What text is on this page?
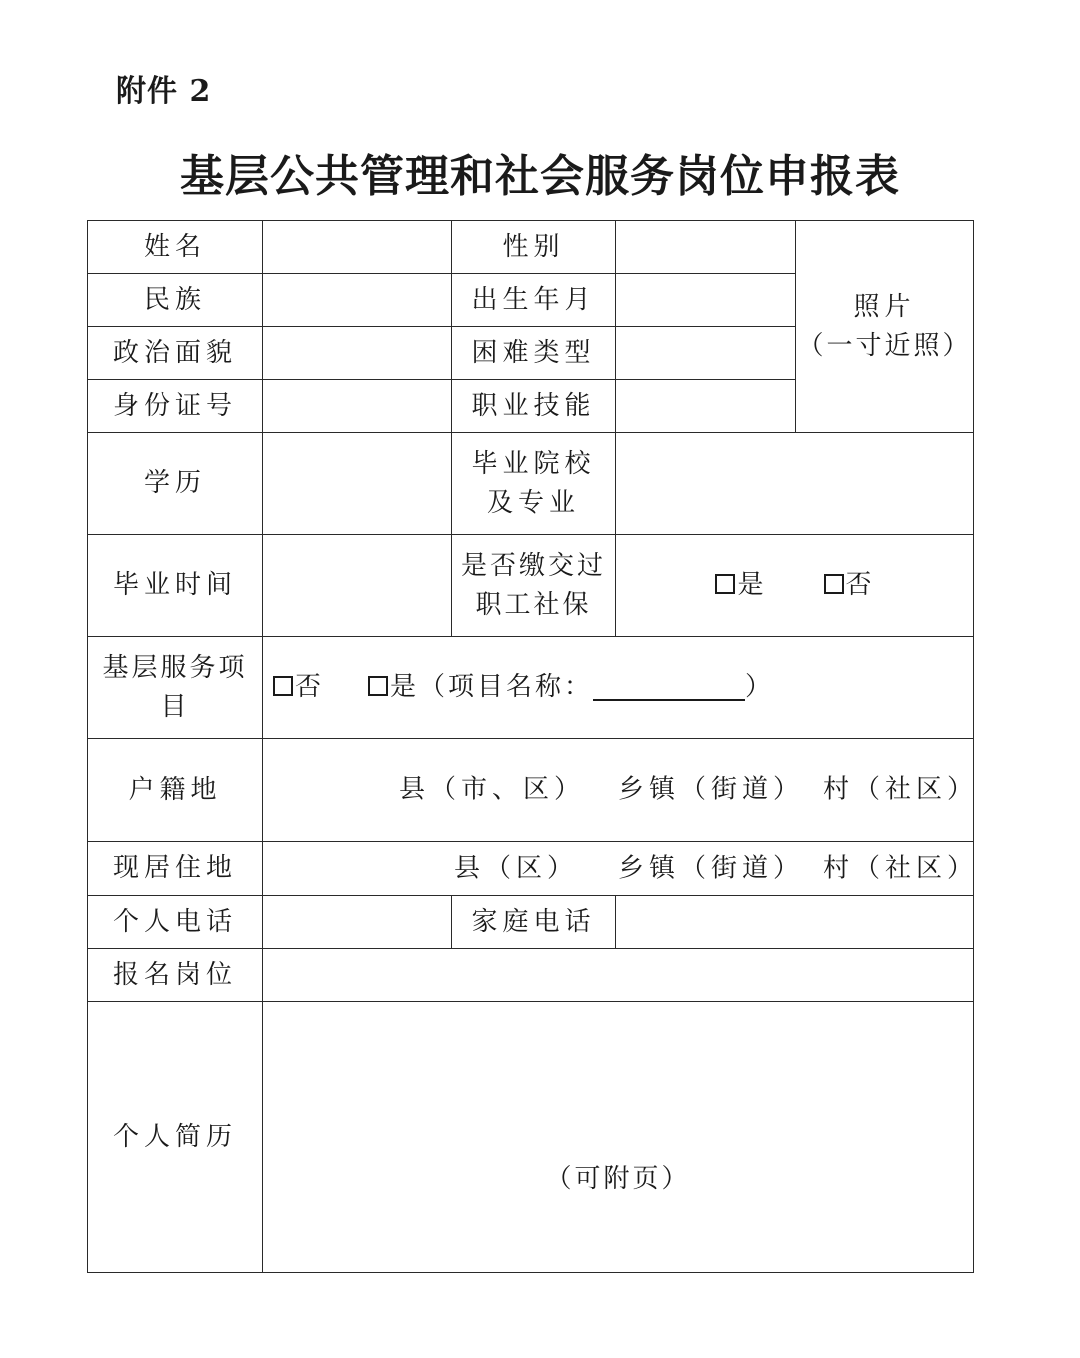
附件 2
基层公共管理和社会服务岗位申报表
姓名		性别		照片
（一寸近照）

民族		出生年月		
政治面貌		困难类型		
身份证号		职业技能		
学历		毕业院校
及专业		

毕业时间		是否缴交过
职工社保	是 否	

基层服务项
目	否 是（项目名称： ）			
户籍地	县（市、区） 乡镇（街道） 村（社区）			

现居住地	县（区） 乡镇（街道） 村（社区）			

个人电话		家庭电话		
报名岗位				
个人简历	（可附页）			
